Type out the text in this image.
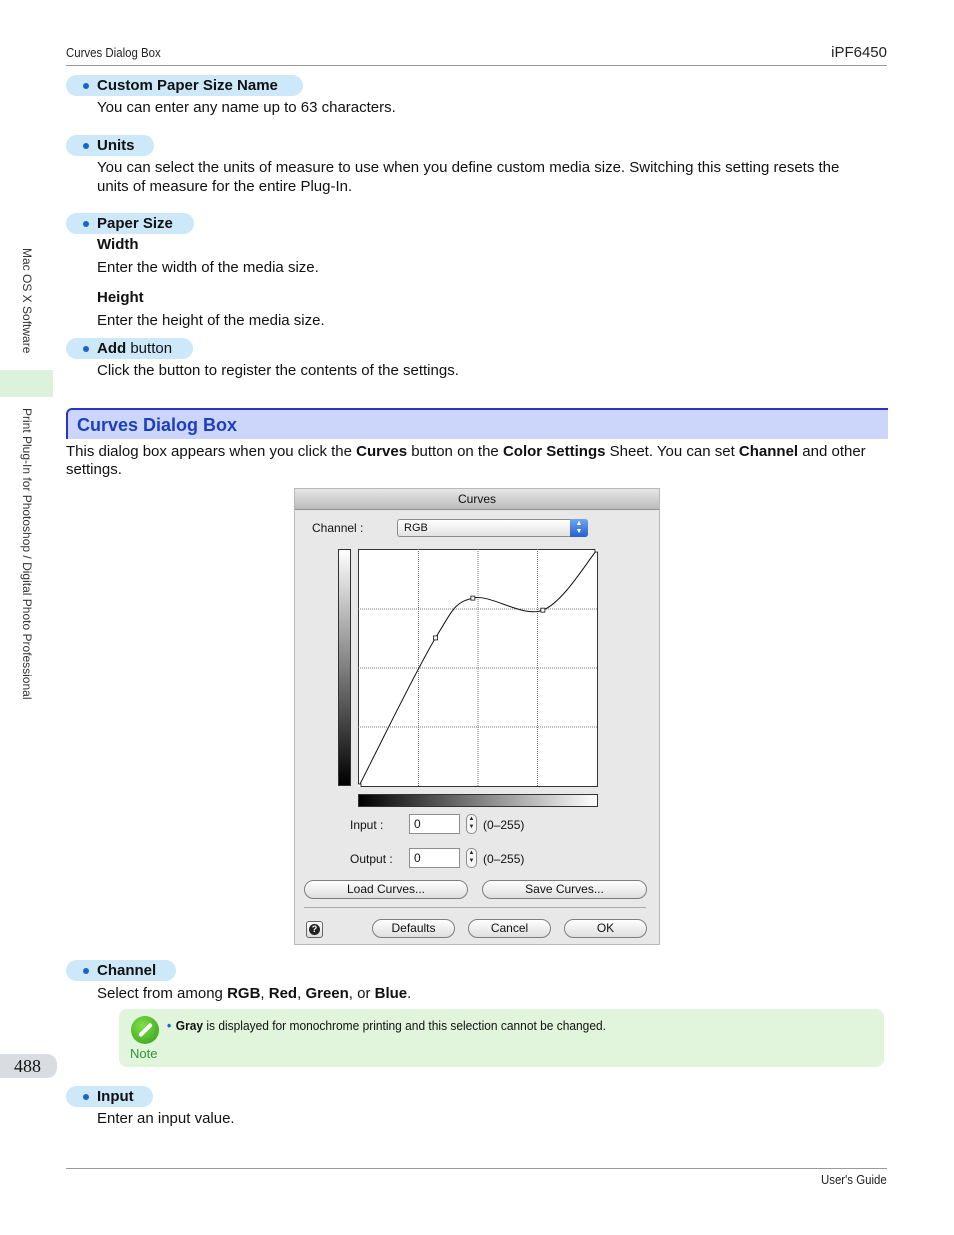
Curves Dialog Box	iPF6450
Mac OS X Software
Print Plug-In for Photoshop / Digital Photo Professional
Custom Paper Size Name
You can enter any name up to 63 characters.
Units
You can select the units of measure to use when you define custom media size. Switching this setting resets the
units of measure for the entire Plug-In.
Paper Size
Width
Enter the width of the media size.
Height
Enter the height of the media size.
Add button
Click the button to register the contents of the settings.
Curves Dialog Box
This dialog box appears when you click the Curves button on the Color Settings Sheet. You can set Channel and other settings.
Curves
Channel :	RGB	▲
▼
Input :	0	▲
▼ (0–255)
Output :	0	▲
▼ (0–255)
Load Curves...	Save Curves...
?	Defaults	Cancel	OK
Channel
Select from among RGB, Red, Green, or Blue.
Note
• Gray is displayed for monochrome printing and this selection cannot be changed.
488
Input
Enter an input value.
User's Guide
